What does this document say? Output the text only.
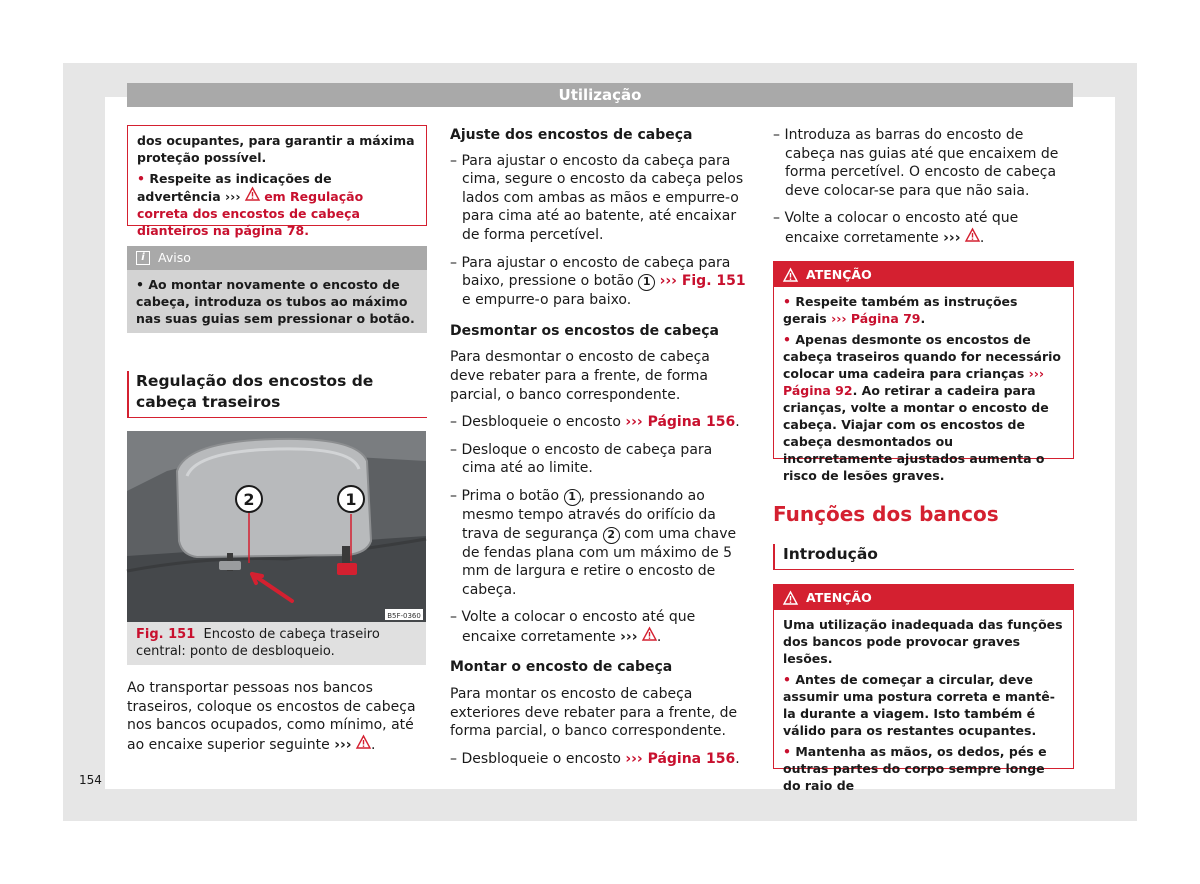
Utilização

dos ocupantes, para garantir a máxima proteção possível.

• Respeite as indicações de advertência ››› em Regulação correta dos encostos de cabeça dianteiros na página 78.

i	Aviso
• Ao montar novamente o encosto de cabeça, introduza os tubos ao máximo nas suas guias sem pressionar o botão.
Regulação dos encostos de cabeça traseiros
2	1
B5F-0360
Fig. 151 Encosto de cabeça traseiro central: ponto de desbloqueio.

Ao transportar pessoas nos bancos traseiros, coloque os encostos de cabeça nos bancos ocupados, como mínimo, até ao encaixe superior seguinte ››› .

154

Ajuste dos encostos de cabeça

– Para ajustar o encosto da cabeça para cima, segure o encosto da cabeça pelos lados com ambas as mãos e empurre-o para cima até ao batente, até encaixar de forma percetível.

– Para ajustar o encosto de cabeça para baixo, pressione o botão 1 ››› Fig. 151 e empurre-o para baixo.

Desmontar os encostos de cabeça

Para desmontar o encosto de cabeça deve rebater para a frente, de forma parcial, o banco correspondente.

– Desbloqueie o encosto ››› Página 156.

– Desloque o encosto de cabeça para cima até ao limite.

– Prima o botão 1 , pressionando ao mesmo tempo através do orifício da trava de segurança 2 com uma chave de fendas plana com um máximo de 5 mm de largura e retire o encosto de cabeça.

– Volte a colocar o encosto até que encaixe corretamente ››› .

Montar o encosto de cabeça

Para montar os encosto de cabeça exteriores deve rebater para a frente, de forma parcial, o banco correspondente.

– Desbloqueie o encosto ››› Página 156.

– Introduza as barras do encosto de cabeça nas guias até que encaixem de forma percetível. O encosto de cabeça deve colocar-se para que não saia.

– Volte a colocar o encosto até que encaixe corretamente ››› .

ATENÇÃO

• Respeite também as instruções gerais ››› Página 79.

• Apenas desmonte os encostos de cabeça traseiros quando for necessário colocar uma cadeira para crianças ››› Página 92. Ao retirar a cadeira para crianças, volte a montar o encosto de cabeça. Viajar com os encostos de cabeça desmontados ou incorretamente ajustados aumenta o risco de lesões graves.

Funções dos bancos
Introdução
ATENÇÃO

Uma utilização inadequada das funções dos bancos pode provocar graves lesões.

• Antes de começar a circular, deve assumir uma postura correta e mantê-la durante a viagem. Isto também é válido para os restantes ocupantes.

• Mantenha as mãos, os dedos, pés e outras partes do corpo sempre longe do raio de
